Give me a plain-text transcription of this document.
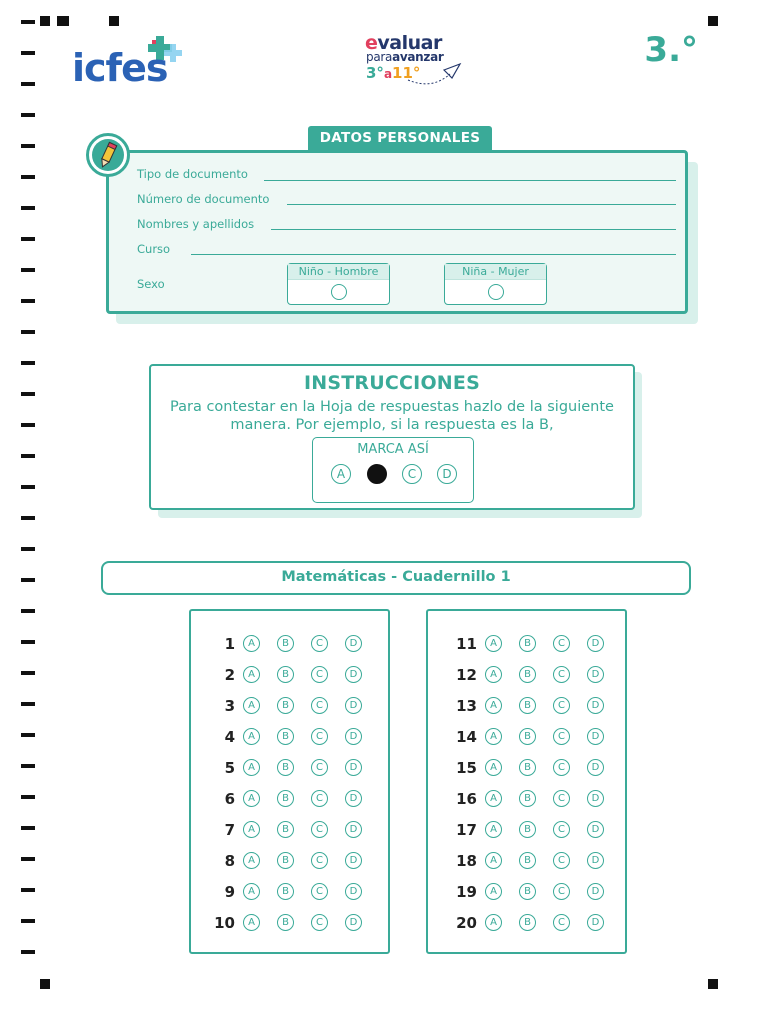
icfes
evaluar
paraavanzar
3°a11°
3.°
Tipo de documento
Número de documento
Nombres y apellidos
Curso
Sexo
Niño - Hombre	Niña - Mujer
DATOS PERSONALES
INSTRUCCIONES
Para contestar en la Hoja de respuestas hazlo de la siguiente
manera. Por ejemplo, si la respuesta es la B,
MARCA ASÍ
A	C	D
Matemáticas - Cuadernillo 1
1	A	B	C	D
2	A	B	C	D
3	A	B	C	D
4	A	B	C	D
5	A	B	C	D
6	A	B	C	D
7	A	B	C	D
8	A	B	C	D
9	A	B	C	D
10	A	B	C	D
11	A	B	C	D
12	A	B	C	D
13	A	B	C	D
14	A	B	C	D
15	A	B	C	D
16	A	B	C	D
17	A	B	C	D
18	A	B	C	D
19	A	B	C	D
20	A	B	C	D
